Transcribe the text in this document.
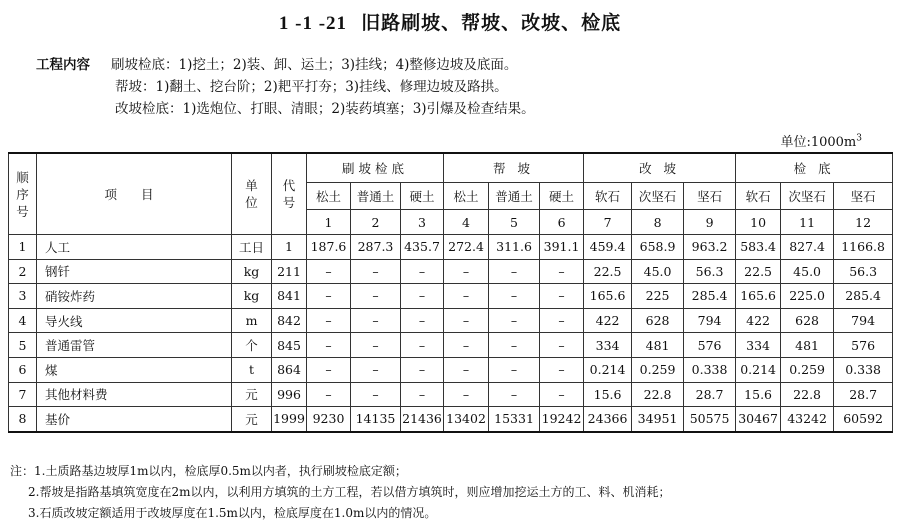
1 -1 -21 旧路刷坡、帮坡、改坡、检底
工程内容 刷坡检底：1)挖土；2)装、卸、运土；3)挂线；4)整修边坡及底面。
帮坡：1)翻土、挖台阶；2)耙平打夯；3)挂线、修理边坡及路拱。
改坡检底：1)选炮位、打眼、清眼；2)装药填塞；3)引爆及检查结果。
单位$:1000m^3$
顺序号	项 目	单位	代号	刷坡检底			帮 坡			改 坡			检 底		
				松土	普通土	硬土	松土	普通土	硬土	软石	次坚石	坚石	软石	次坚石	坚石
				1	2	3	4	5	6	7	8	9	10	11	12
1	人工	工日	1	187.6	287.3	435.7	272.4	311.6	391.1	459.4	658.9	963.2	583.4	827.4	1166.8
2	钢钎	kg	211	–	–	–	–	–	–	22.5	45.0	56.3	22.5	45.0	56.3
3	硝铵炸药	kg	841	–	–	–	–	–	–	165.6	225	285.4	165.6	225.0	285.4
4	导火线	m	842	–	–	–	–	–	–	422	628	794	422	628	794
5	普通雷管	个	845	–	–	–	–	–	–	334	481	576	334	481	576
6	煤	t	864	–	–	–	–	–	–	0.214	0.259	0.338	0.214	0.259	0.338
7	其他材料费	元	996	–	–	–	–	–	–	15.6	22.8	28.7	15.6	22.8	28.7
8	基价	元	1999	9230	14135	21436	13402	15331	19242	24366	34951	50575	30467	43242	60592
注：1.土质路基边坡厚1m以内，检底厚0.5m以内者，执行刷坡检底定额；
2.帮坡是指路基填筑宽度在2m以内，以利用方填筑的土方工程，若以借方填筑时，则应增加挖运土方的工、料、机消耗；
3.石质改坡定额适用于改坡厚度在1.5m以内，检底厚度在1.0m以内的情况。
